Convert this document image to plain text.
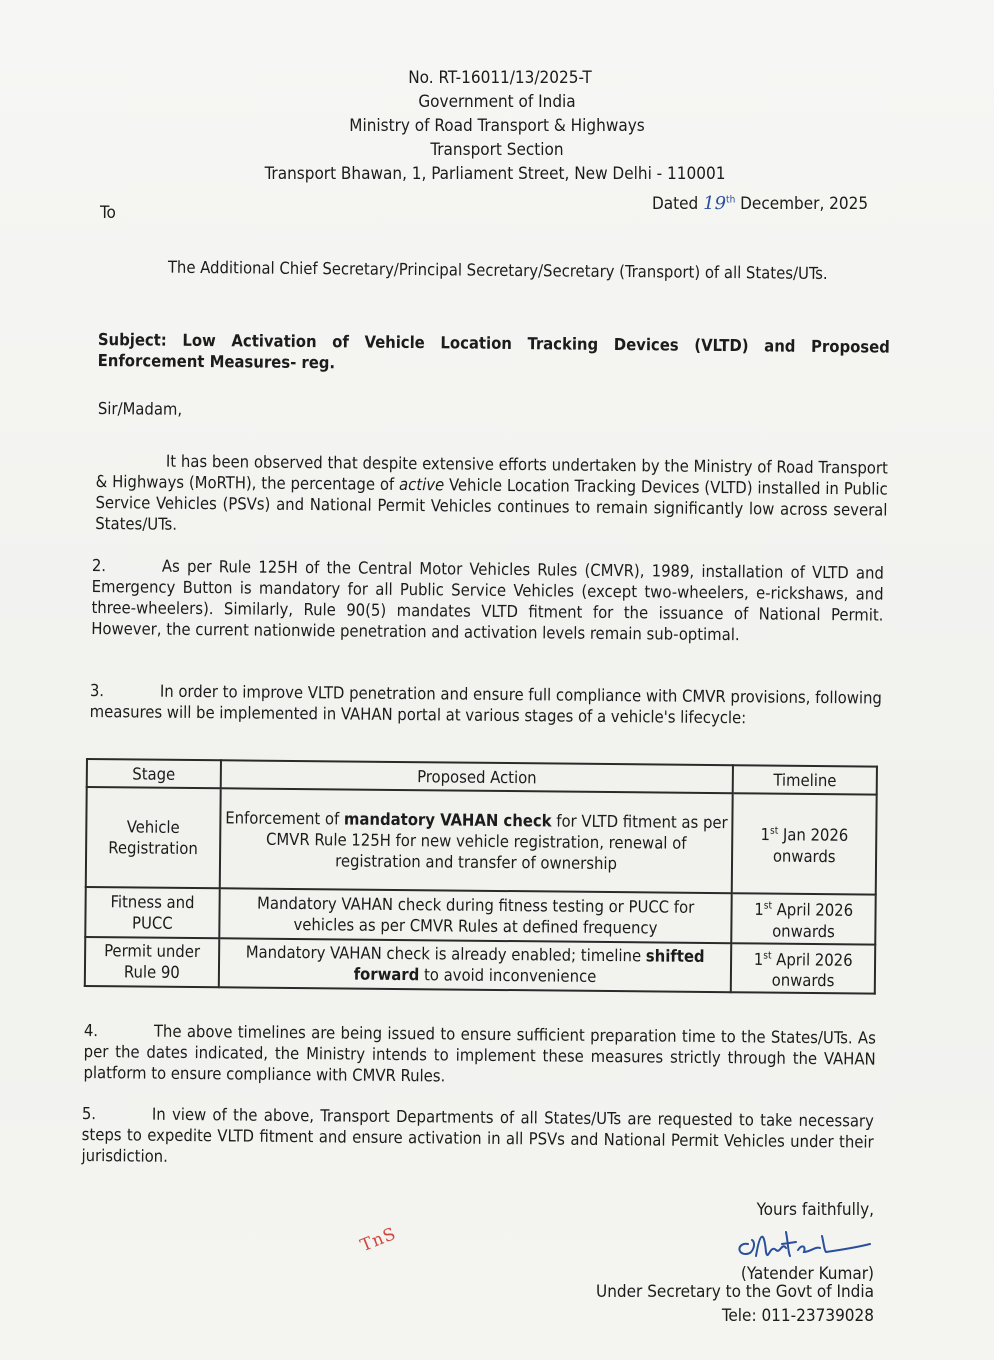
No. RT-16011/13/2025-T
Government of India
Ministry of Road Transport & Highways
Transport Section
Transport Bhawan, 1, Parliament Street, New Delhi - 110001
Dated 19th December, 2025
To
The Additional Chief Secretary/Principal Secretary/Secretary (Transport) of all States/UTs.
Subject: Low Activation of Vehicle Location Tracking Devices (VLTD) and Proposed Enforcement Measures- reg.
Sir/Madam,
It has been observed that despite extensive efforts undertaken by the Ministry of Road Transport & Highways (MoRTH), the percentage of active Vehicle Location Tracking Devices (VLTD) installed in Public Service Vehicles (PSVs) and National Permit Vehicles continues to remain significantly low across several States/UTs.
2.	As per Rule 125H of the Central Motor Vehicles Rules (CMVR), 1989, installation of VLTD and Emergency Button is mandatory for all Public Service Vehicles (except two-wheelers, e-rickshaws, and three-wheelers). Similarly, Rule 90(5) mandates VLTD fitment for the issuance of National Permit. However, the current nationwide penetration and activation levels remain sub-optimal.
3.	In order to improve VLTD penetration and ensure full compliance with CMVR provisions, following measures will be implemented in VAHAN portal at various stages of a vehicle's lifecycle:
Stage	Proposed Action	Timeline
Vehicle Registration	Enforcement of mandatory VAHAN check for VLTD fitment as per CMVR Rule 125H for new vehicle registration, renewal of registration and transfer of ownership	1st Jan 2026
onwards
Fitness and PUCC	Mandatory VAHAN check during fitness testing or PUCC for vehicles as per CMVR Rules at defined frequency	1st April 2026
onwards
Permit under Rule 90	Mandatory VAHAN check is already enabled; timeline shifted forward to avoid inconvenience	1st April 2026
onwards
4.	The above timelines are being issued to ensure sufficient preparation time to the States/UTs. As per the dates indicated, the Ministry intends to implement these measures strictly through the VAHAN platform to ensure compliance with CMVR Rules.
5.	In view of the above, Transport Departments of all States/UTs are requested to take necessary steps to expedite VLTD fitment and ensure activation in all PSVs and National Permit Vehicles under their jurisdiction.
Yours faithfully,
(Yatender Kumar)
Under Secretary to the Govt of India
Tele: 011-23739028
TnS
